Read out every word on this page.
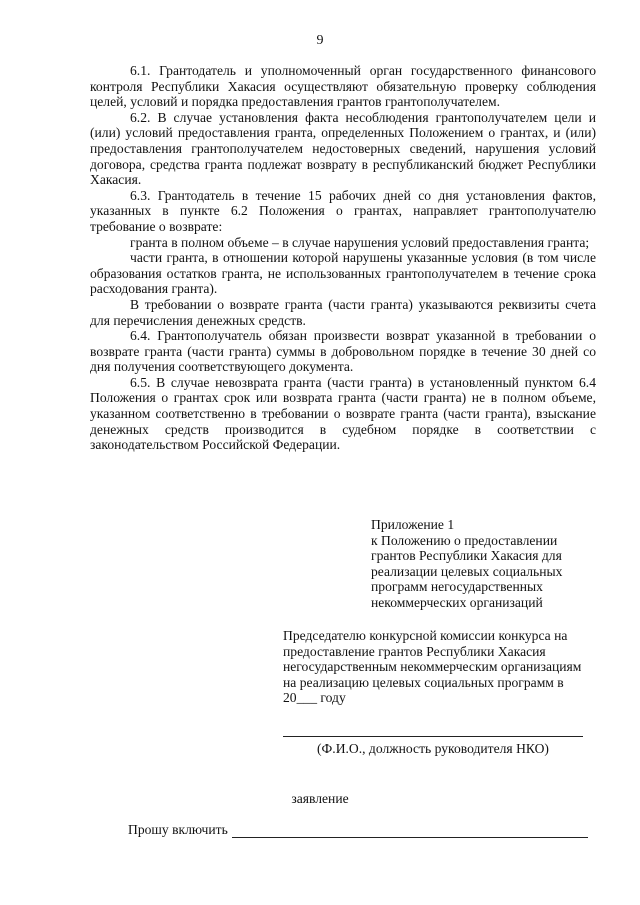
9

6.1. Грантодатель и уполномоченный орган государственного финансового контроля Республики Хакасия осуществляют обязательную проверку соблюдения целей, условий и порядка предоставления грантов грантополучателем.

6.2. В случае установления факта несоблюдения грантополучателем цели и (или) условий предоставления гранта, определенных Положением о грантах, и (или) предоставления грантополучателем недостоверных сведений, нарушения условий договора, средства гранта подлежат возврату в республиканский бюджет Республики Хакасия.

6.3. Грантодатель в течение 15 рабочих дней со дня установления фактов, указанных в пункте 6.2 Положения о грантах, направляет грантополучателю требование о возврате:

гранта в полном объеме – в случае нарушения условий предоставления гранта;

части гранта, в отношении которой нарушены указанные условия (в том числе образования остатков гранта, не использованных грантополучателем в течение срока расходования гранта).

В требовании о возврате гранта (части гранта) указываются реквизиты счета для перечисления денежных средств.

6.4. Грантополучатель обязан произвести возврат указанной в требовании о возврате гранта (части гранта) суммы в добровольном порядке в течение 30 дней со дня получения соответствующего документа.

6.5. В случае невозврата гранта (части гранта) в установленный пунктом 6.4 Положения о грантах срок или возврата гранта (части гранта) не в полном объеме, указанном соответственно в требовании о возврате гранта (части гранта), взыскание денежных средств производится в судебном порядке в соответствии с законодательством Российской Федерации.

Приложение 1
к Положению о предоставлении
грантов Республики Хакасия для
реализации целевых социальных
программ негосударственных
некоммерческих организаций
Председателю конкурсной комиссии конкурса на
предоставление грантов Республики Хакасия
негосударственным некоммерческим организациям
на реализацию целевых социальных программ в
20___ году
(Ф.И.О., должность руководителя НКО)
заявление
Прошу включить
